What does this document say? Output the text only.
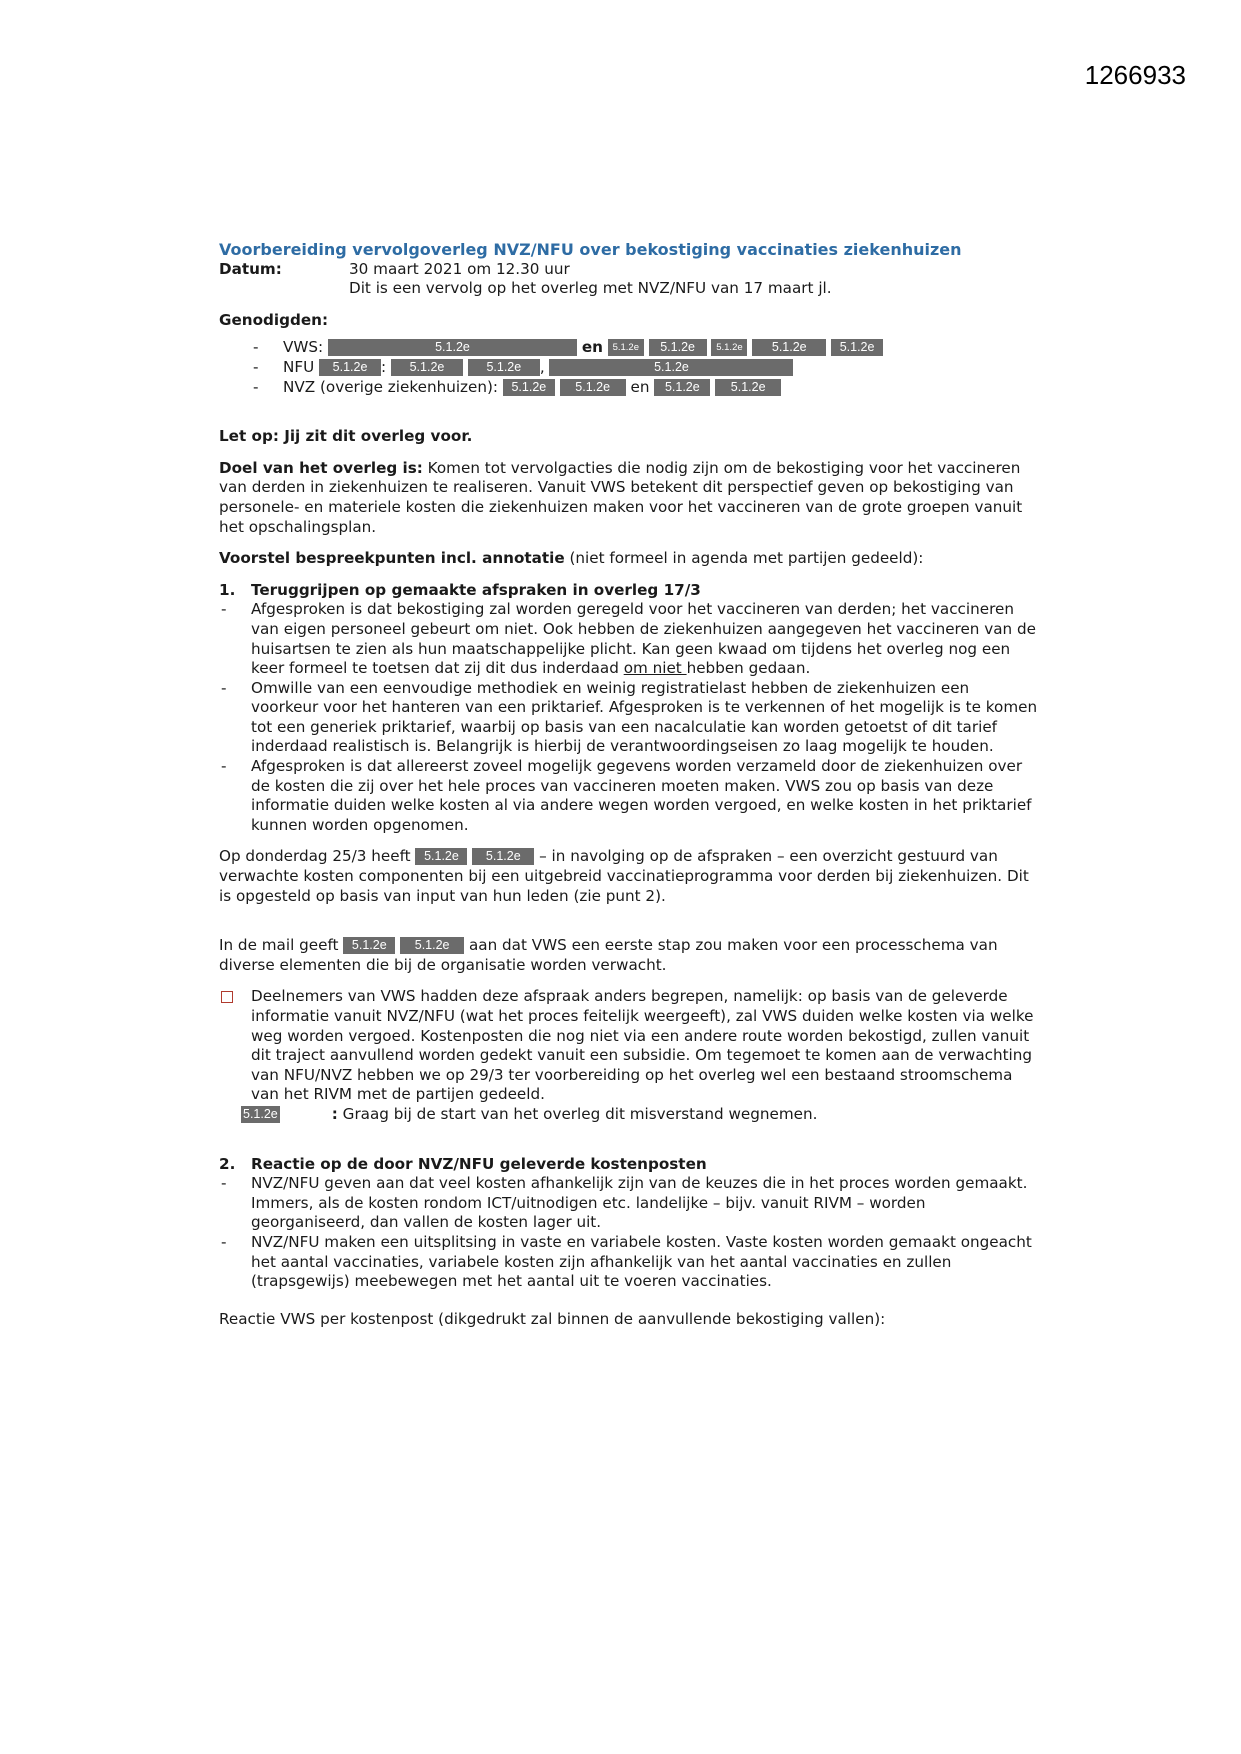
1266933
Voorbereiding vervolgoverleg NVZ/NFU over bekostiging vaccinaties ziekenhuizen
Datum:	30 maart 2021 om 12.30 uur
Dit is een vervolg op het overleg met NVZ/NFU van 17 maart jl.
Genodigden:
- VWS:	5.1.2e	en 5.1.2e 5.1.2e 5.1.2e 5.1.2e	5.1.2e
- NFU 5.1.2e : 5.1.2e	5.1.2e ,	5.1.2e
- NVZ (overige ziekenhuizen): 5.1.2e 5.1.2e en 5.1.2e 5.1.2e
Let op: Jij zit dit overleg voor.
Doel van het overleg is: Komen tot vervolgacties die nodig zijn om de bekostiging voor het vaccineren van derden in ziekenhuizen te realiseren. Vanuit VWS betekent dit perspectief geven op bekostiging van personele- en materiele kosten die ziekenhuizen maken voor het vaccineren van de grote groepen vanuit het opschalingsplan.
Voorstel bespreekpunten incl. annotatie (niet formeel in agenda met partijen gedeeld):
1. Teruggrijpen op gemaakte afspraken in overleg 17/3
- Afgesproken is dat bekostiging zal worden geregeld voor het vaccineren van derden; het vaccineren van eigen personeel gebeurt om niet. Ook hebben de ziekenhuizen aangegeven het vaccineren van de huisartsen te zien als hun maatschappelijke plicht. Kan geen kwaad om tijdens het overleg nog een keer formeel te toetsen dat zij dit dus inderdaad om niet hebben gedaan.
- Omwille van een eenvoudige methodiek en weinig registratielast hebben de ziekenhuizen een voorkeur voor het hanteren van een priktarief. Afgesproken is te verkennen of het mogelijk is te komen tot een generiek priktarief, waarbij op basis van een nacalculatie kan worden getoetst of dit tarief inderdaad realistisch is. Belangrijk is hierbij de verantwoordingseisen zo laag mogelijk te houden.
- Afgesproken is dat allereerst zoveel mogelijk gegevens worden verzameld door de ziekenhuizen over de kosten die zij over het hele proces van vaccineren moeten maken. VWS zou op basis van deze informatie duiden welke kosten al via andere wegen worden vergoed, en welke kosten in het priktarief kunnen worden opgenomen.
Op donderdag 25/3 heeft 5.1.2e 5.1.2e – in navolging op de afspraken – een overzicht gestuurd van verwachte kosten componenten bij een uitgebreid vaccinatieprogramma voor derden bij ziekenhuizen. Dit is opgesteld op basis van input van hun leden (zie punt 2).
In de mail geeft 5.1.2e 5.1.2e aan dat VWS een eerste stap zou maken voor een processchema van diverse elementen die bij de organisatie worden verwacht.
Deelnemers van VWS hadden deze afspraak anders begrepen, namelijk: op basis van de geleverde informatie vanuit NVZ/NFU (wat het proces feitelijk weergeeft), zal VWS duiden welke kosten via welke weg worden vergoed. Kostenposten die nog niet via een andere route worden bekostigd, zullen vanuit dit traject aanvullend worden gedekt vanuit een subsidie. Om tegemoet te komen aan de verwachting van NFU/NVZ hebben we op 29/3 ter voorbereiding op het overleg wel een bestaand stroomschema van het RIVM met de partijen gedeeld.
5.1.2e	: Graag bij de start van het overleg dit misverstand wegnemen.
2. Reactie op de door NVZ/NFU geleverde kostenposten
- NVZ/NFU geven aan dat veel kosten afhankelijk zijn van de keuzes die in het proces worden gemaakt. Immers, als de kosten rondom ICT/uitnodigen etc. landelijke – bijv. vanuit RIVM – worden georganiseerd, dan vallen de kosten lager uit.
- NVZ/NFU maken een uitsplitsing in vaste en variabele kosten. Vaste kosten worden gemaakt ongeacht het aantal vaccinaties, variabele kosten zijn afhankelijk van het aantal vaccinaties en zullen (trapsgewijs) meebewegen met het aantal uit te voeren vaccinaties.
Reactie VWS per kostenpost (dikgedrukt zal binnen de aanvullende bekostiging vallen):
